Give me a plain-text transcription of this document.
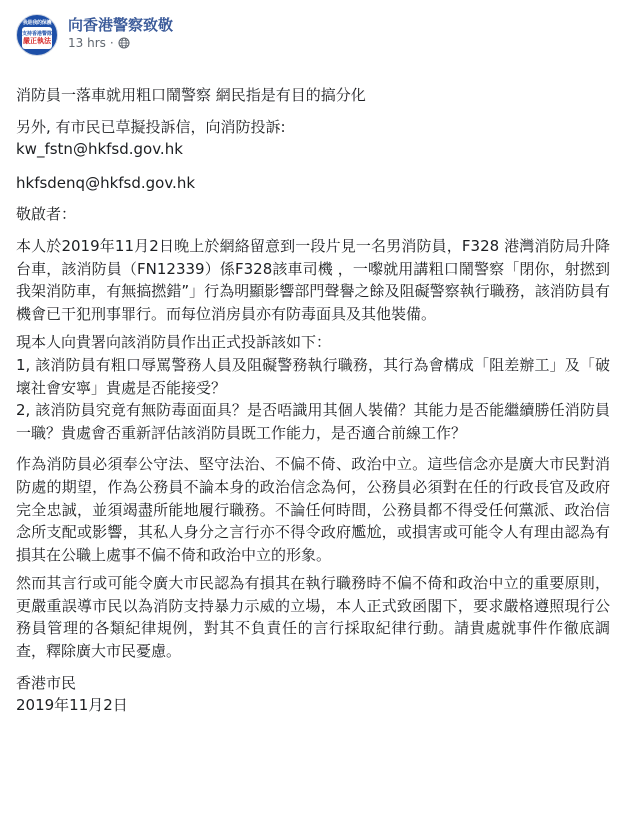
我是我的保護
支持香港警隊
嚴正執法
向香港警察致敬
13 hrs ·

消防員一落車就用粗口鬧警察 網民指是有目的搞分化

另外, 有市民已草擬投訴信，向消防投訴:

kw_fstn@hkfsd.gov.hk

hkfsdenq@hkfsd.gov.hk

敬啟者：

本人於2019年11月2日晚上於網絡留意到一段片見一名男消防員，F328 港灣消防局升降台車，該消防員（FN12339）係F328該車司機 ，一嚟就用講粗口鬧警察「閉你，射撚到我架消防車，有無搞撚錯”」行為明顯影響部門聲譽之餘及阻礙警察執行職務，該消防員有機會已干犯刑事罪行。而每位消房員亦有防毒面具及其他裝備。

現本人向貴署向該消防員作出正式投訴該如下：

1, 該消防員有粗口辱罵警務人員及阻礙警務執行職務，其行為會構成「阻差辦工」及「破壞社會安寧」貴處是否能接受？

2, 該消防員究竟有無防毒面面具？是否唔識用其個人裝備？其能力是否能繼續勝任消防員一職？貴處會否重新評估該消防員既工作能力，是否適合前線工作？

作為消防員必須奉公守法、堅守法治、不偏不倚、政治中立。這些信念亦是廣大市民對消防處的期望，作為公務員不論本身的政治信念為何，公務員必須對在任的行政長官及政府完全忠誠，並須竭盡所能地履行職務。不論任何時間，公務員都不得受任何黨派、政治信念所支配或影響，其私人身分之言行亦不得令政府尷尬，或損害或可能令人有理由認為有損其在公職上處事不偏不倚和政治中立的形象。

然而其言行或可能令廣大市民認為有損其在執行職務時不偏不倚和政治中立的重要原則，更嚴重誤導市民以為消防支持暴力示威的立場，本人正式致函閣下，要求嚴格遵照現行公務員管理的各類紀律規例，對其不負責任的言行採取紀律行動。請貴處就事件作徹底調查，釋除廣大市民憂慮。

香港市民

2019年11月2日
